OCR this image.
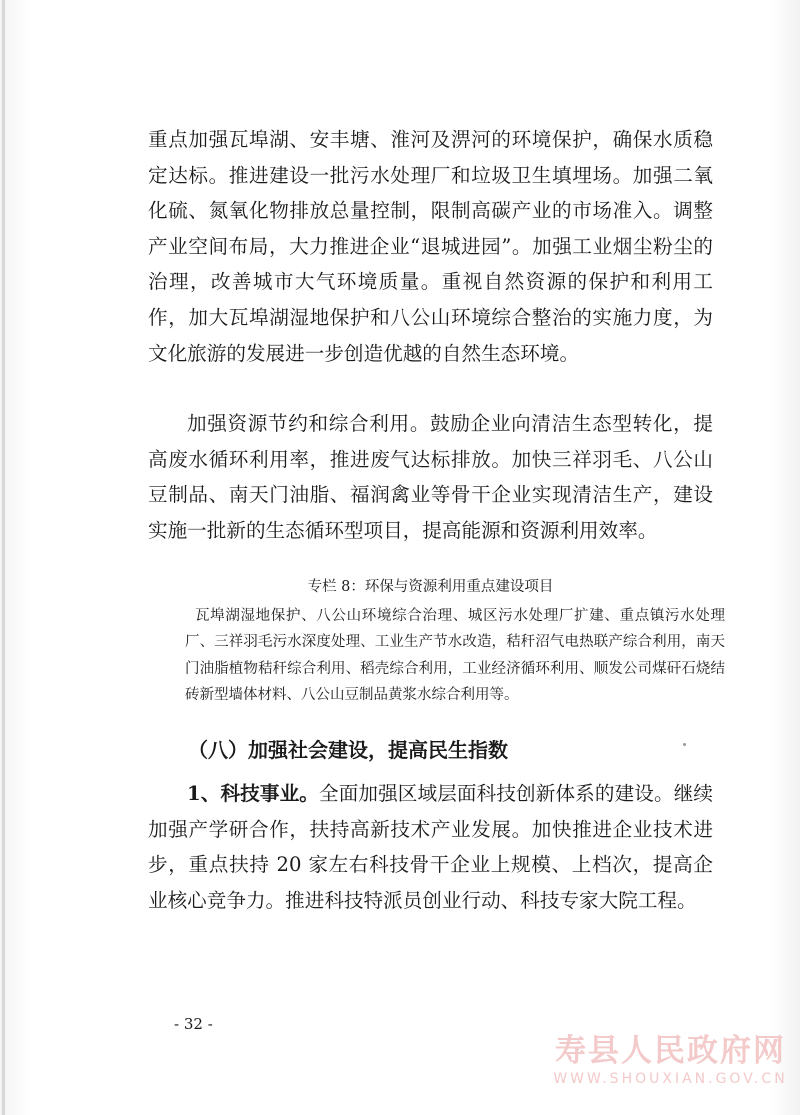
重点加强瓦埠湖、安丰塘、淮河及淠河的环境保护，确保水质稳定达标。推进建设一批污水处理厂和垃圾卫生填埋场。加强二氧化硫、氮氧化物排放总量控制，限制高碳产业的市场准入。调整产业空间布局，大力推进企业“退城进园”。加强工业烟尘粉尘的治理，改善城市大气环境质量。重视自然资源的保护和利用工作，加大瓦埠湖湿地保护和八公山环境综合整治的实施力度，为文化旅游的发展进一步创造优越的自然生态环境。

加强资源节约和综合利用。鼓励企业向清洁生态型转化，提高废水循环利用率，推进废气达标排放。加快三祥羽毛、八公山豆制品、南天门油脂、福润禽业等骨干企业实现清洁生产，建设实施一批新的生态循环型项目，提高能源和资源利用效率。

专栏 8：环保与资源利用重点建设项目

瓦埠湖湿地保护、八公山环境综合治理、城区污水处理厂扩建、重点镇污水处理厂、三祥羽毛污水深度处理、工业生产节水改造，秸秆沼气电热联产综合利用，南天门油脂植物秸秆综合利用、稻壳综合利用，工业经济循环利用、顺发公司煤矸石烧结砖新型墙体材料、八公山豆制品黄浆水综合利用等。

（八）加强社会建设，提高民生指数

1、科技事业。全面加强区域层面科技创新体系的建设。继续加强产学研合作，扶持高新技术产业发展。加快推进企业技术进步，重点扶持 20 家左右科技骨干企业上规模、上档次，提高企业核心竞争力。推进科技特派员创业行动、科技专家大院工程。

- 32 -
寿县人民政府网
WWW.SHOUXIAN.GOV.CN
